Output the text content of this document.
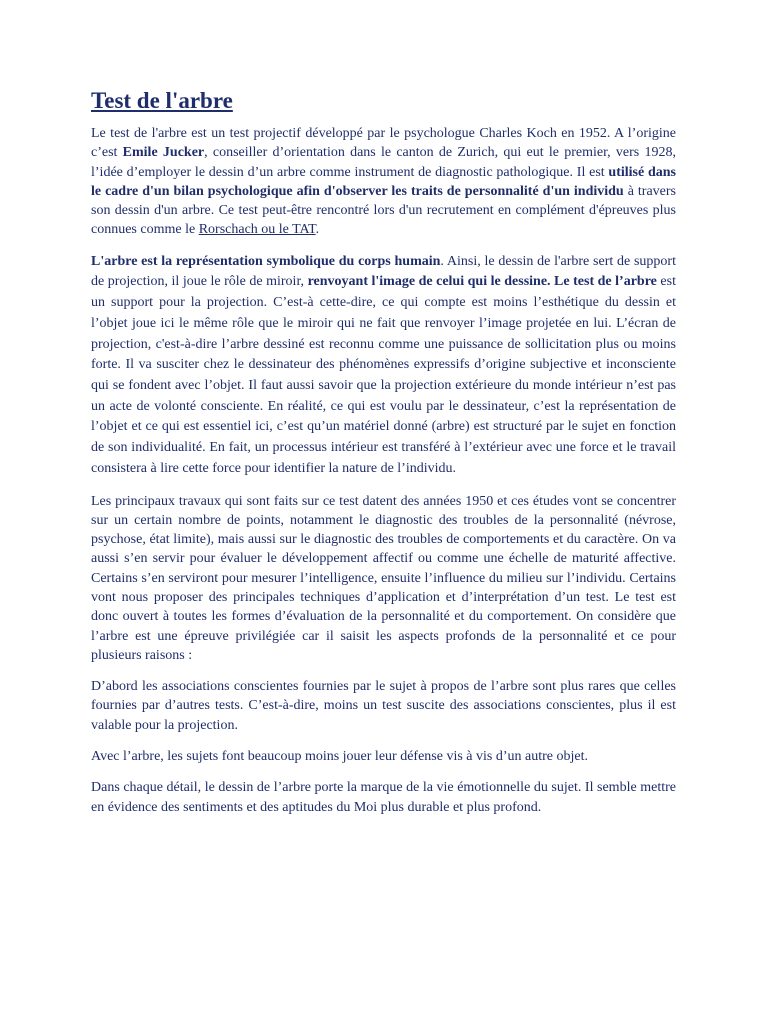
Test de l'arbre

Le test de l'arbre est un test projectif développé par le psychologue Charles Koch en 1952. A l’origine c’est Emile Jucker, conseiller d’orientation dans le canton de Zurich, qui eut le premier, vers 1928, l’idée d’employer le dessin d’un arbre comme instrument de diagnostic pathologique. Il est utilisé dans le cadre d'un bilan psychologique afin d'observer les traits de personnalité d'un individu à travers son dessin d'un arbre. Ce test peut-être rencontré lors d'un recrutement en complément d'épreuves plus connues comme le Rorschach ou le TAT.

L'arbre est la représentation symbolique du corps humain. Ainsi, le dessin de l'arbre sert de support de projection, il joue le rôle de miroir, renvoyant l'image de celui qui le dessine. Le test de l’arbre est un support pour la projection. C’est-à cette-dire, ce qui compte est moins l’esthétique du dessin et l’objet joue ici le même rôle que le miroir qui ne fait que renvoyer l’image projetée en lui. L’écran de projection, c'est-à-dire l’arbre dessiné est reconnu comme une puissance de sollicitation plus ou moins forte. Il va susciter chez le dessinateur des phénomènes expressifs d’origine subjective et inconsciente qui se fondent avec l’objet. Il faut aussi savoir que la projection extérieure du monde intérieur n’est pas un acte de volonté consciente. En réalité, ce qui est voulu par le dessinateur, c’est la représentation de l’objet et ce qui est essentiel ici, c’est qu’un matériel donné (arbre) est structuré par le sujet en fonction de son individualité. En fait, un processus intérieur est transféré à l’extérieur avec une force et le travail consistera à lire cette force pour identifier la nature de l’individu.

Les principaux travaux qui sont faits sur ce test datent des années 1950 et ces études vont se concentrer sur un certain nombre de points, notamment le diagnostic des troubles de la personnalité (névrose, psychose, état limite), mais aussi sur le diagnostic des troubles de comportements et du caractère. On va aussi s’en servir pour évaluer le développement affectif ou comme une échelle de maturité affective. Certains s’en serviront pour mesurer l’intelligence, ensuite l’influence du milieu sur l’individu. Certains vont nous proposer des principales techniques d’application et d’interprétation d’un test. Le test est donc ouvert à toutes les formes d’évaluation de la personnalité et du comportement. On considère que l’arbre est une épreuve privilégiée car il saisit les aspects profonds de la personnalité et ce pour plusieurs raisons :

D’abord les associations conscientes fournies par le sujet à propos de l’arbre sont plus rares que celles fournies par d’autres tests. C’est-à-dire, moins un test suscite des associations conscientes, plus il est valable pour la projection.

Avec l’arbre, les sujets font beaucoup moins jouer leur défense vis à vis d’un autre objet.

Dans chaque détail, le dessin de l’arbre porte la marque de la vie émotionnelle du sujet. Il semble mettre en évidence des sentiments et des aptitudes du Moi plus durable et plus profond.
